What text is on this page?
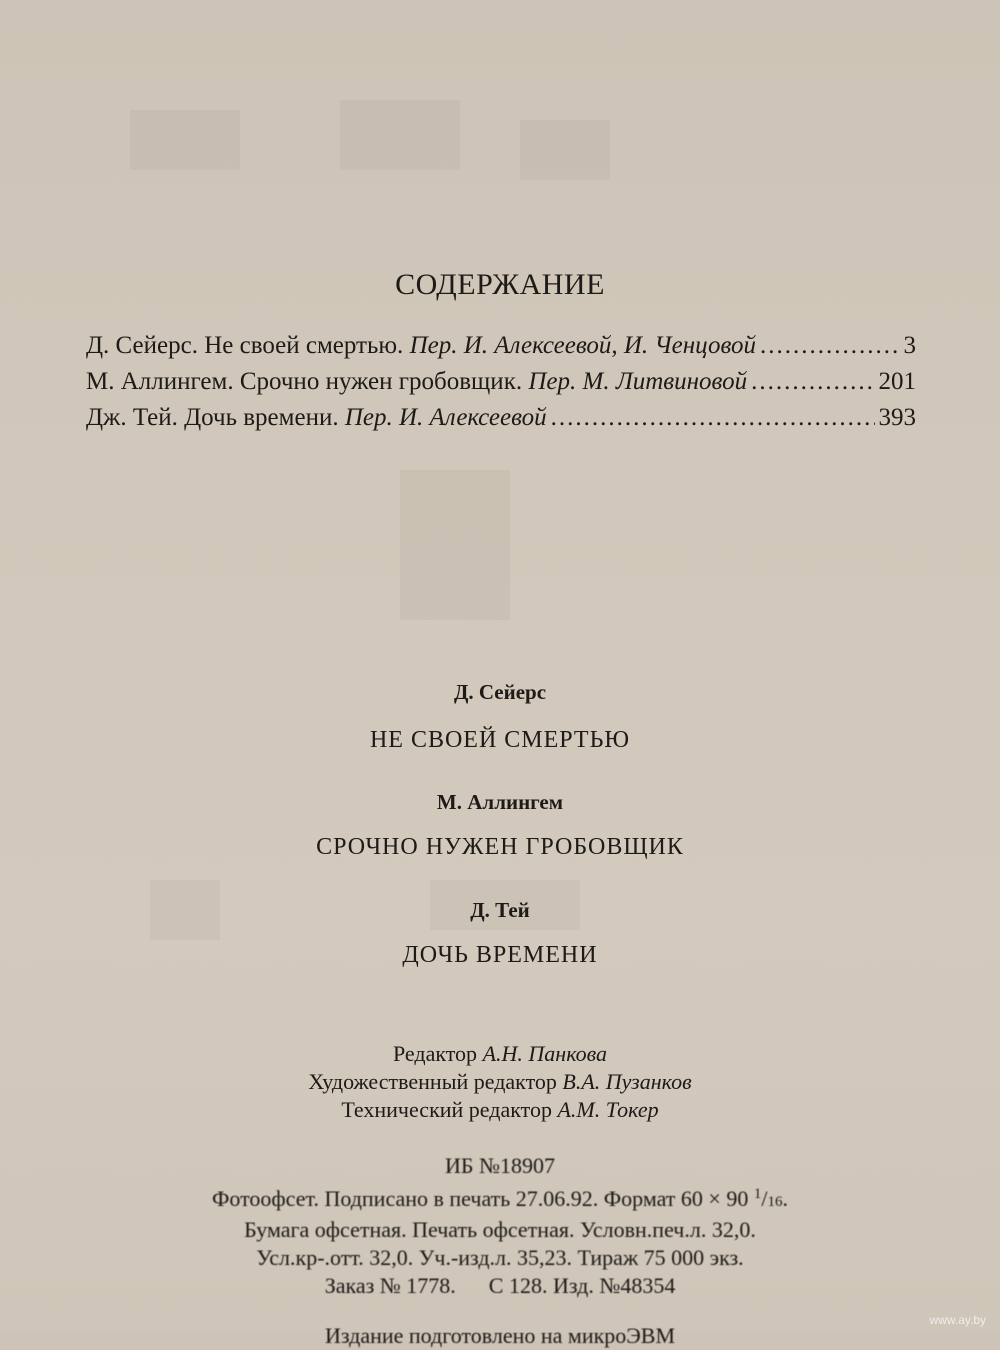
СОДЕРЖАНИЕ
Д. Сейерс. Не своей смертью. Пер. И. Алексеевой, И. Ченцовой .....	3
М. Аллингем. Срочно нужен гробовщик. Пер. М. Литвиновой .....	201
Дж. Тей. Дочь времени. Пер. И. Алексеевой .....	393
Д. Сейерс
НЕ СВОЕЙ СМЕРТЬЮ
М. Аллингем
СРОЧНО НУЖЕН ГРОБОВЩИК
Д. Тей
ДОЧЬ ВРЕМЕНИ
Редактор А.Н. Панкова
Художественный редактор В.А. Пузанков
Технический редактор А.М. Токер
ИБ №18907
Фотоофсет. Подписано в печать 27.06.92. Формат 60 × 90 $^1$/16.
Бумага офсетная. Печать офсетная. Условн.печ.л. 32,0.
Усл.кр-.отт. 32,0. Уч.-изд.л. 35,23. Тираж 75 000 экз.
Заказ № 1778.      С 128. Изд. №48354
Издание подготовлено на микроЭВМ
www.ay.by
